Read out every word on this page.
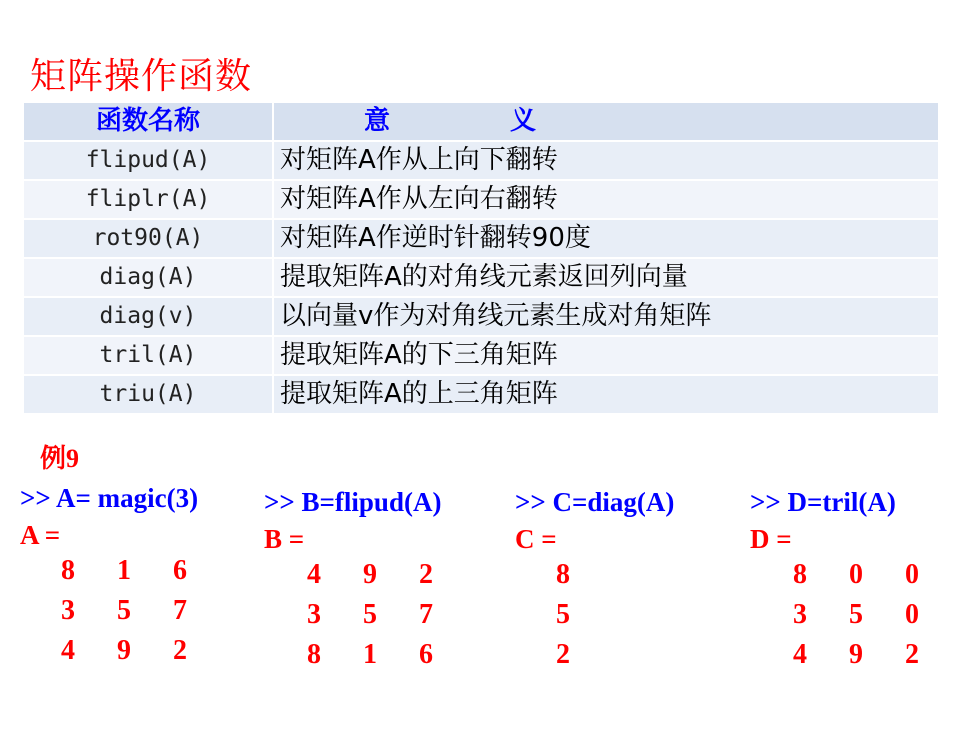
矩阵操作函数
函数名称	意 义
flipud(A)	对矩阵A作从上向下翻转
fliplr(A)	对矩阵A作从左向右翻转
rot90(A)	对矩阵A作逆时针翻转90度
diag(A)	提取矩阵A的对角线元素返回列向量
diag(v)	以向量v作为对角线元素生成对角矩阵
tril(A)	提取矩阵A的下三角矩阵
triu(A)	提取矩阵A的上三角矩阵
例9
>> A= magic(3)
A =
8 1 6
3 5 7
4 9 2
>> B=flipud(A)
B =
4 9 2
3 5 7
8 1 6
>> C=diag(A)
C =
8
5
2
>> D=tril(A)
D =
8 0 0
3 5 0
4 9 2
